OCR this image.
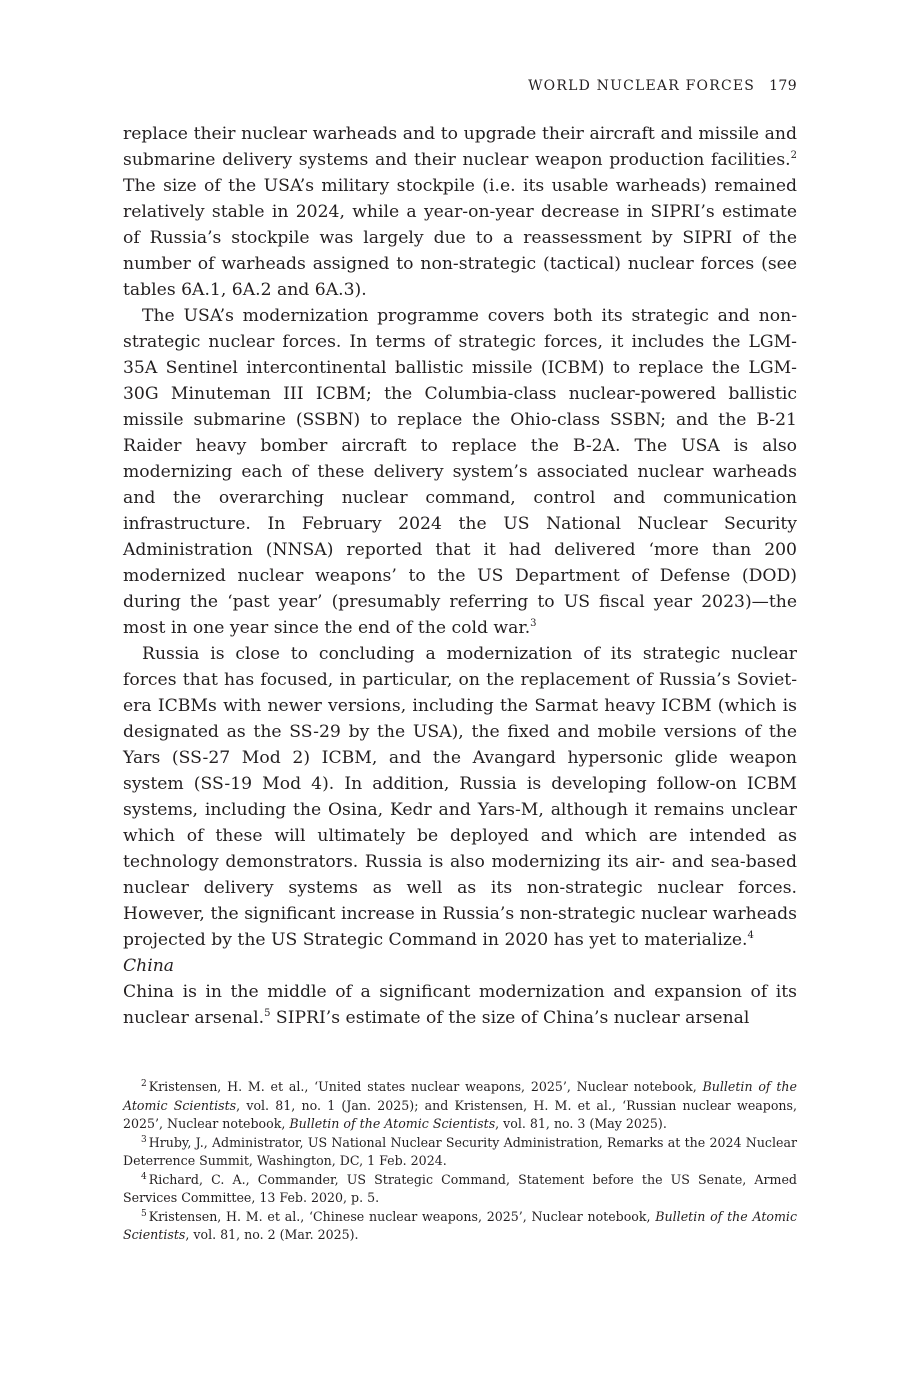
WORLD NUCLEAR FORCES 179

replace their nuclear warheads and to upgrade their aircraft and missile and submarine delivery systems and their nuclear weapon production facilities.$^2$ The size of the USA’s military stockpile (i.e. its usable warheads) remained relatively stable in 2024, while a year-on-year decrease in SIPRI’s estimate of Russia’s stockpile was largely due to a reassessment by SIPRI of the number of warheads assigned to non-strategic (tactical) nuclear forces (see tables 6A.1, 6A.2 and 6A.3).

The USA’s modernization programme covers both its strategic and non-strategic nuclear forces. In terms of strategic forces, it includes the LGM-35A Sentinel intercontinental ballistic missile (ICBM) to replace the LGM-30G Minuteman III ICBM; the Columbia-class nuclear-powered ballistic missile submarine (SSBN) to replace the Ohio-class SSBN; and the B-21 Raider heavy bomber aircraft to replace the B-2A. The USA is also modernizing each of these delivery system’s associated nuclear warheads and the overarching nuclear command, control and communication infrastructure. In February 2024 the US National Nuclear Security Administration (NNSA) reported that it had delivered ‘more than 200 modernized nuclear weapons’ to the US Department of Defense (DOD) during the ‘past year’ (presumably referring to US fiscal year 2023)—the most in one year since the end of the cold war.$^3$

Russia is close to concluding a modernization of its strategic nuclear forces that has focused, in particular, on the replacement of Russia’s Soviet-era ICBMs with newer versions, including the Sarmat heavy ICBM (which is designated as the SS-29 by the USA), the fixed and mobile versions of the Yars (SS-27 Mod 2) ICBM, and the Avangard hypersonic glide weapon system (SS-19 Mod 4). In addition, Russia is developing follow-on ICBM systems, including the Osina, Kedr and Yars-M, although it remains unclear which of these will ultimately be deployed and which are intended as technology demonstrators. Russia is also modernizing its air- and sea-based nuclear delivery systems as well as its non-strategic nuclear forces. However, the significant increase in Russia’s non-strategic nuclear warheads projected by the US Strategic Command in 2020 has yet to materialize.$^4$

China

China is in the middle of a significant modernization and expansion of its nuclear arsenal.$^5$ SIPRI’s estimate of the size of China’s nuclear arsenal

$^2$ Kristensen, H. M. et al., ‘United states nuclear weapons, 2025’, Nuclear notebook, Bulletin of the Atomic Scientists, vol. 81, no. 1 (Jan. 2025); and Kristensen, H. M. et al., ‘Russian nuclear weapons, 2025’, Nuclear notebook, Bulletin of the Atomic Scientists, vol. 81, no. 3 (May 2025).

$^3$ Hruby, J., Administrator, US National Nuclear Security Administration, Remarks at the 2024 Nuclear Deterrence Summit, Washington, DC, 1 Feb. 2024.

$^4$ Richard, C. A., Commander, US Strategic Command, Statement before the US Senate, Armed Services Committee, 13 Feb. 2020, p. 5.

$^5$ Kristensen, H. M. et al., ‘Chinese nuclear weapons, 2025’, Nuclear notebook, Bulletin of the Atomic Scientists, vol. 81, no. 2 (Mar. 2025).
